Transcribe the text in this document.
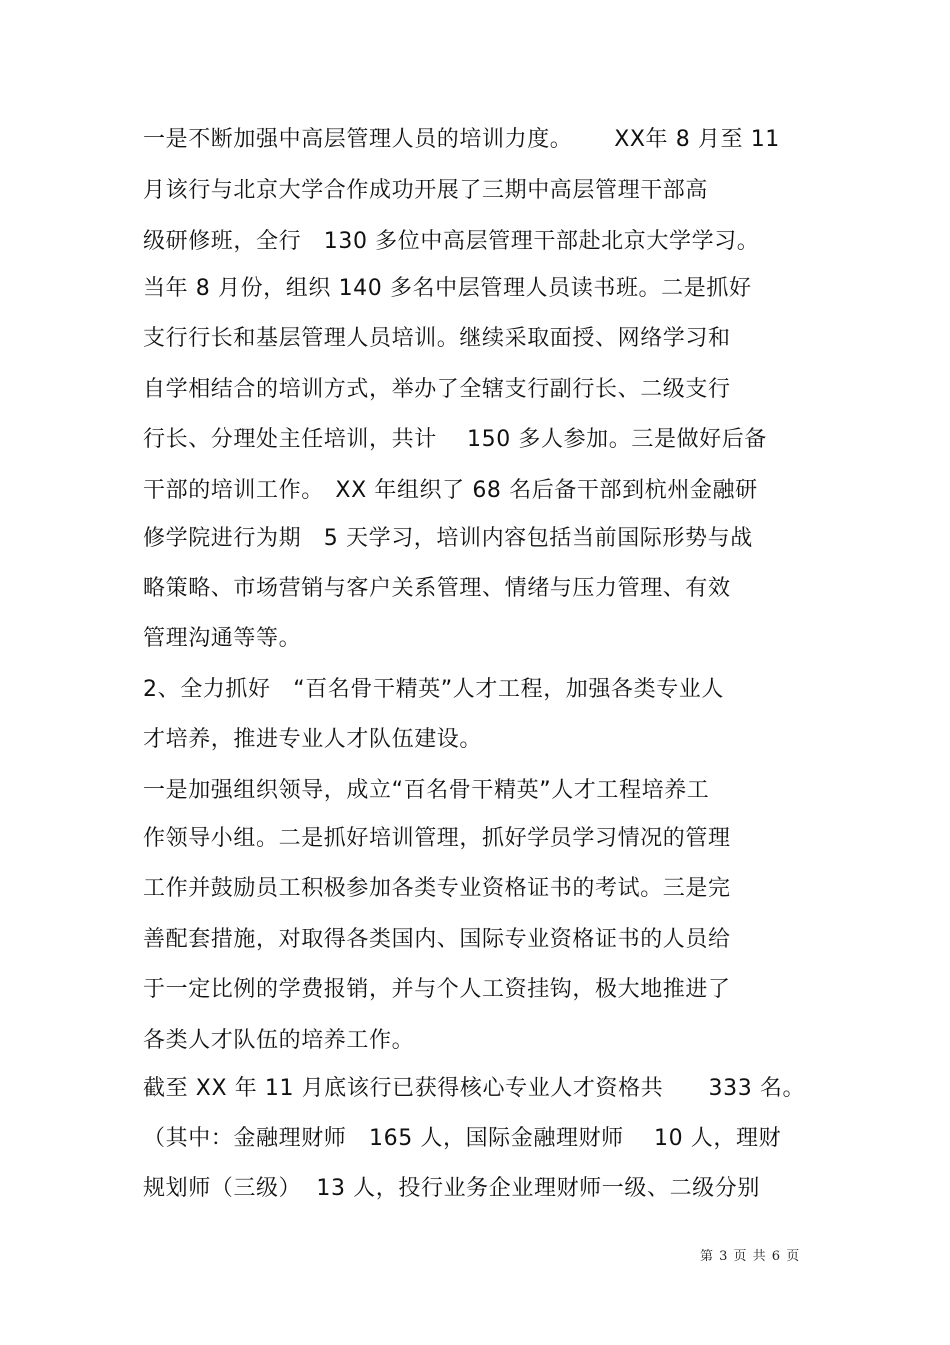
一是不断加强中高层管理人员的培训力度。　　 XX年 8 月至 11
月该行与北京大学合作成功开展了三期中高层管理干部高
级研修班，全行　130 多位中高层管理干部赴北京大学学习。
当年 8 月份，组织 140 多名中层管理人员读书班。二是抓好
支行行长和基层管理人员培训。继续采取面授、网络学习和
自学相结合的培训方式，举办了全辖支行副行长、二级支行
行长、分理处主任培训，共计　 150 多人参加。三是做好后备
干部的培训工作。　XX 年组织了 68 名后备干部到杭州金融研
修学院进行为期　5 天学习，培训内容包括当前国际形势与战
略策略、市场营销与客户关系管理、情绪与压力管理、有效
管理沟通等等。
2、全力抓好　“百名骨干精英”人才工程，加强各类专业人
才培养，推进专业人才队伍建设。
一是加强组织领导，成立“百名骨干精英”人才工程培养工
作领导小组。二是抓好培训管理，抓好学员学习情况的管理
工作并鼓励员工积极参加各类专业资格证书的考试。三是完
善配套措施，对取得各类国内、国际专业资格证书的人员给
于一定比例的学费报销，并与个人工资挂钩，极大地推进了
各类人才队伍的培养工作。
截至 XX 年 11 月底该行已获得核心专业人才资格共　　333 名。
（其中：金融理财师　165 人，国际金融理财师　 10 人，理财
规划师（三级）  13 人，投行业务企业理财师一级、二级分别
第 3 页 共 6 页
